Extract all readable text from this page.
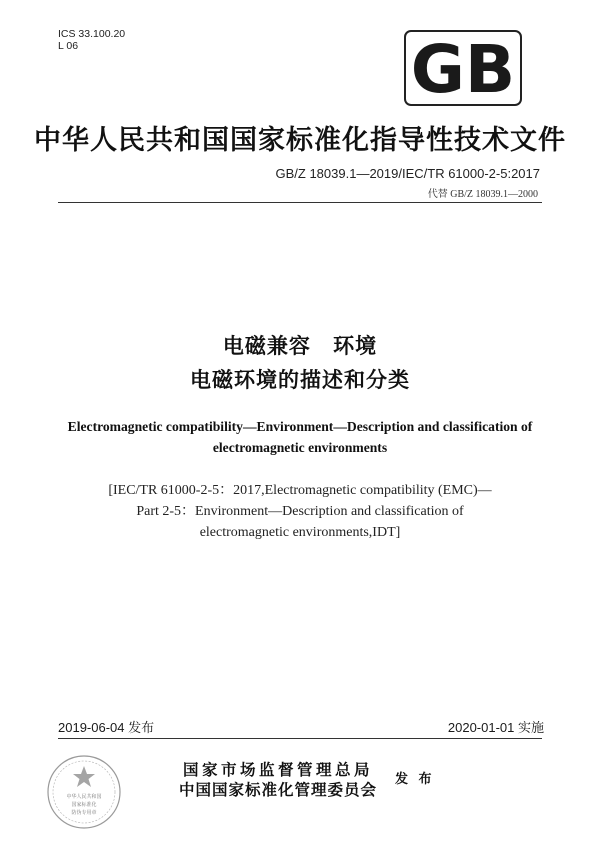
ICS 33.100.20
L 06	GB
中华人民共和国国家标准化指导性技术文件
GB/Z 18039.1—2019/IEC/TR 61000-2-5:2017
代替 GB/Z 18039.1—2000
电磁兼容 环境
电磁环境的描述和分类
Electromagnetic compatibility—Environment—Description and classification of
electromagnetic environments
[IEC/TR 61000-2-5：2017,Electromagnetic compatibility (EMC)—
Part 2-5：Environment—Description and classification of
electromagnetic environments,IDT]
2019-06-04 发布	2020-01-01 实施
中华人民共和国
国家标准化
防伪专用章
国家市场监督管理总局
中国国家标准化管理委员会
发 布
